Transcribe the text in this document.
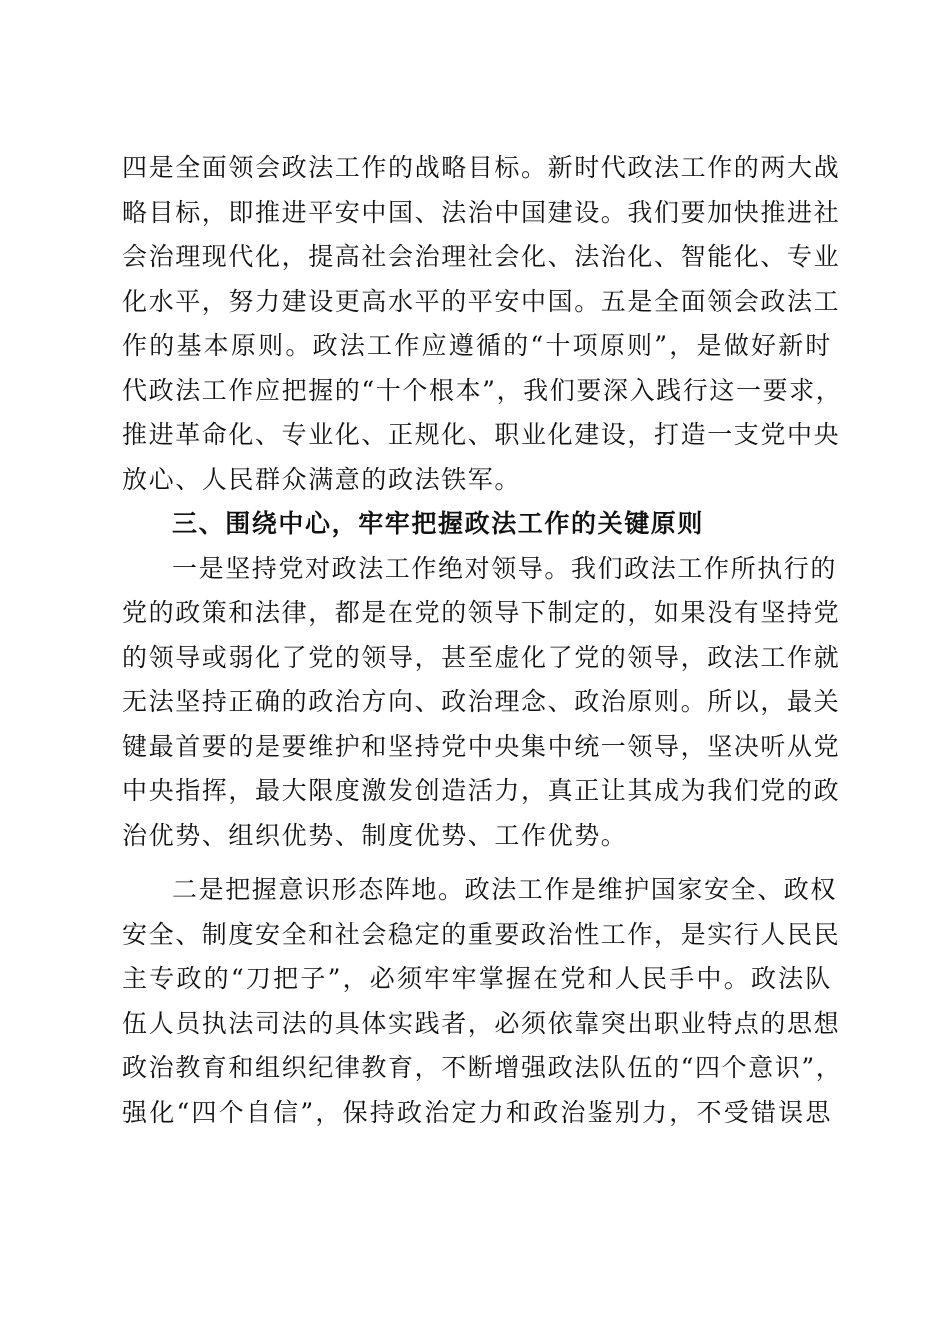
四是全面领会政法工作的战略目标。新时代政法工作的两大战
略目标，即推进平安中国、法治中国建设。我们要加快推进社
会治理现代化，提高社会治理社会化、法治化、智能化、专业
化水平，努力建设更高水平的平安中国。五是全面领会政法工
作的基本原则。政法工作应遵循的“十项原则”，是做好新时
代政法工作应把握的“十个根本”，我们要深入践行这一要求，
推进革命化、专业化、正规化、职业化建设，打造一支党中央
放心、人民群众满意的政法铁军。
三、围绕中心，牢牢把握政法工作的关键原则
一是坚持党对政法工作绝对领导。我们政法工作所执行的
党的政策和法律，都是在党的领导下制定的，如果没有坚持党
的领导或弱化了党的领导，甚至虚化了党的领导，政法工作就
无法坚持正确的政治方向、政治理念、政治原则。所以，最关
键最首要的是要维护和坚持党中央集中统一领导，坚决听从党
中央指挥，最大限度激发创造活力，真正让其成为我们党的政
治优势、组织优势、制度优势、工作优势。
二是把握意识形态阵地。政法工作是维护国家安全、政权
安全、制度安全和社会稳定的重要政治性工作，是实行人民民
主专政的“刀把子”，必须牢牢掌握在党和人民手中。政法队
伍人员执法司法的具体实践者，必须依靠突出职业特点的思想
政治教育和组织纪律教育，不断增强政法队伍的“四个意识”，
强化“四个自信”，保持政治定力和政治鉴别力，不受错误思
